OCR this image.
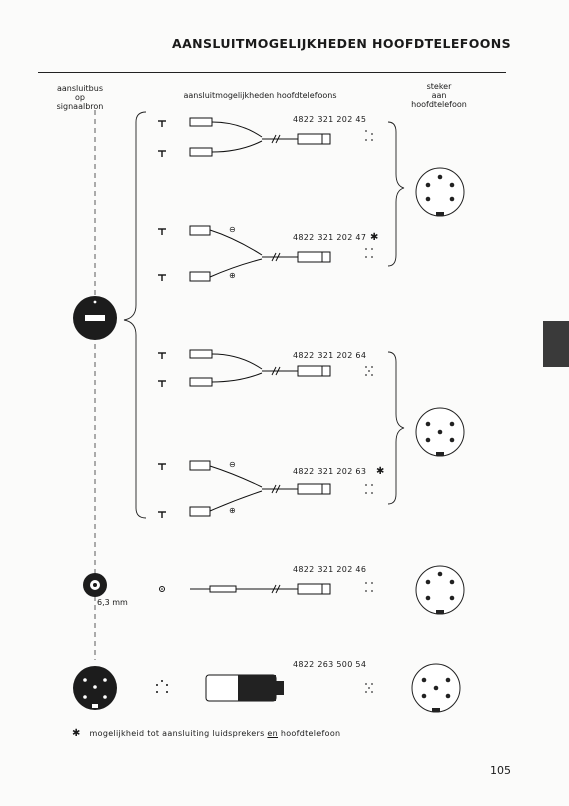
AANSLUITMOGELIJKHEDEN HOOFDTELEFOONS
aansluitbus
op
signaalbron
aansluitmogelijkheden hoofdtelefoons
steker
aan
hoofdtelefoon
4822 321 202 45
4822 321 202 47
4822 321 202 64
4822 321 202 63
4822 321 202 46
4822 263 500 54
✱
✱
⊖
⊕
⊖
⊕
6,3 mm
✱ mogelijkheid tot aansluiting luidsprekers en hoofdtelefoon
105
